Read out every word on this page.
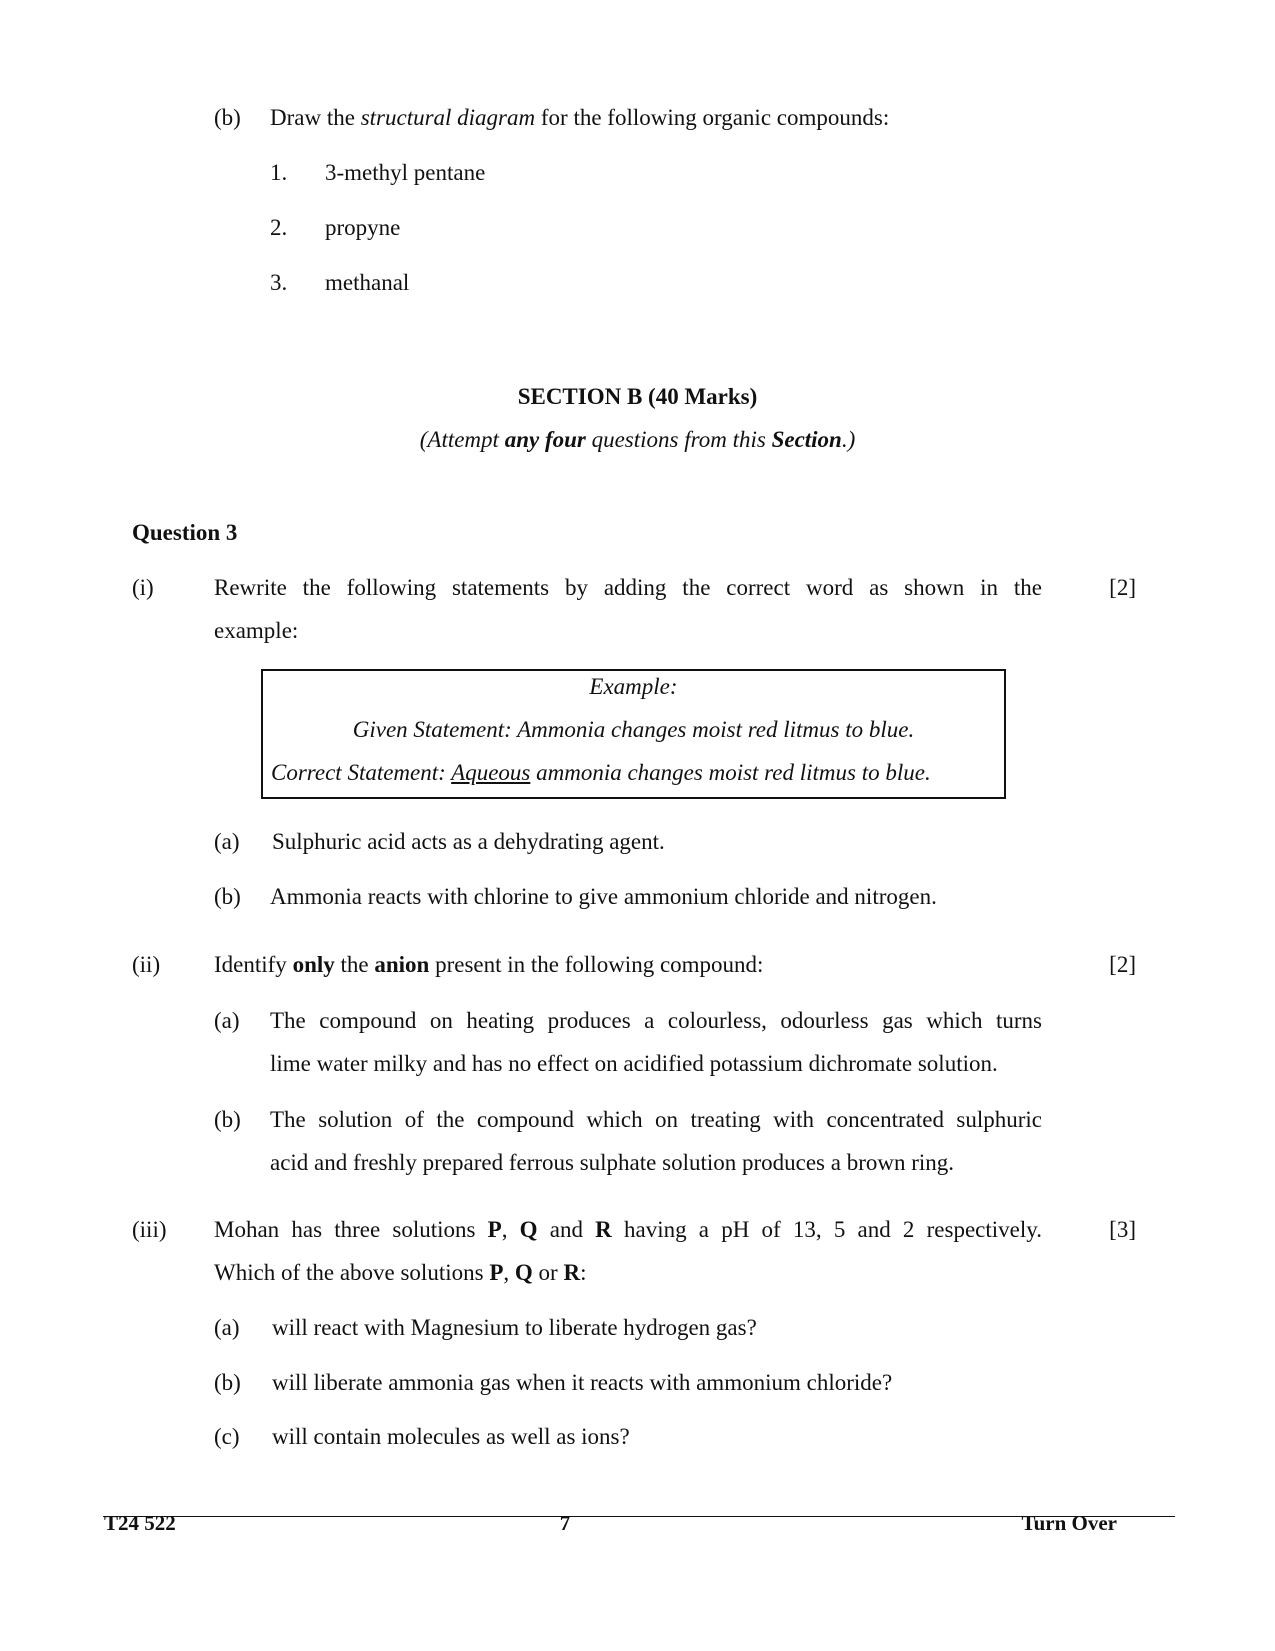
(b) Draw the structural diagram for the following organic compounds:
1. 3-methyl pentane
2. propyne
3. methanal
SECTION B (40 Marks)
(Attempt any four questions from this Section.)
Question 3
(i)	Rewrite the following statements by adding the correct word as shown in the
example:
[2]
Example:
Given Statement: Ammonia changes moist red litmus to blue.
Correct Statement: Aqueous ammonia changes moist red litmus to blue.
(a) Sulphuric acid acts as a dehydrating agent.
(b) Ammonia reacts with chlorine to give ammonium chloride and nitrogen.
(ii) Identify only the anion present in the following compound:	[2]
(a) The compound on heating produces a colourless, odourless gas which turns
lime water milky and has no effect on acidified potassium dichromate solution.
(b) The solution of the compound which on treating with concentrated sulphuric
acid and freshly prepared ferrous sulphate solution produces a brown ring.
(iii) Mohan has three solutions P, Q and R having a pH of 13, 5 and 2 respectively.
Which of the above solutions P, Q or R:
[3]
(a) will react with Magnesium to liberate hydrogen gas?
(b) will liberate ammonia gas when it reacts with ammonium chloride?
(c) will contain molecules as well as ions?
T24 522	7	Turn Over
